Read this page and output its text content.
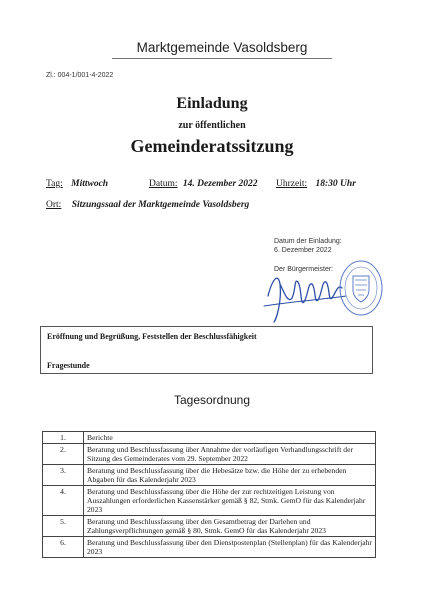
Marktgemeinde Vasoldsberg
Zl.: 004-1/001-4-2022
Einladung
zur öffentlichen
Gemeinderatssitzung
Tag: Mittwoch	Datum: 14. Dezember 2022 Uhrzeit: 18:30 Uhr
Ort: Sitzungssaal der Marktgemeinde Vasoldsberg
Datum der Einladung:
6. Dezember 2022
Der Bürgermeister:
Eröffnung und Begrüßung, Feststellen der Beschlussfähigkeit
Fragestunde
Tagesordnung
1.	Berichte
2.	Beratung und Beschlussfassung über Annahme der vorläufigen Verhandlungsschrift der Sitzung des Gemeinderates vom 29. September 2022
3.	Beratung und Beschlussfassung über die Hebesätze bzw. die Höhe der zu erhebenden Abgaben für das Kalenderjahr 2023
4.	Beratung und Beschlussfassung über die Höhe der zur rechtzeitigen Leistung von Auszahlungen erforderlichen Kassenstärker gemäß § 82, Stmk. GemO für das Kalenderjahr 2023
5.	Beratung und Beschlussfassung über den Gesamtbetrag der Darlehen und Zahlungsverpflichtungen gemäß § 80, Stmk. GemO für das Kalenderjahr 2023
6.	Beratung und Beschlussfassung über den Dienstpostenplan (Stellenplan) für das Kalenderjahr 2023
